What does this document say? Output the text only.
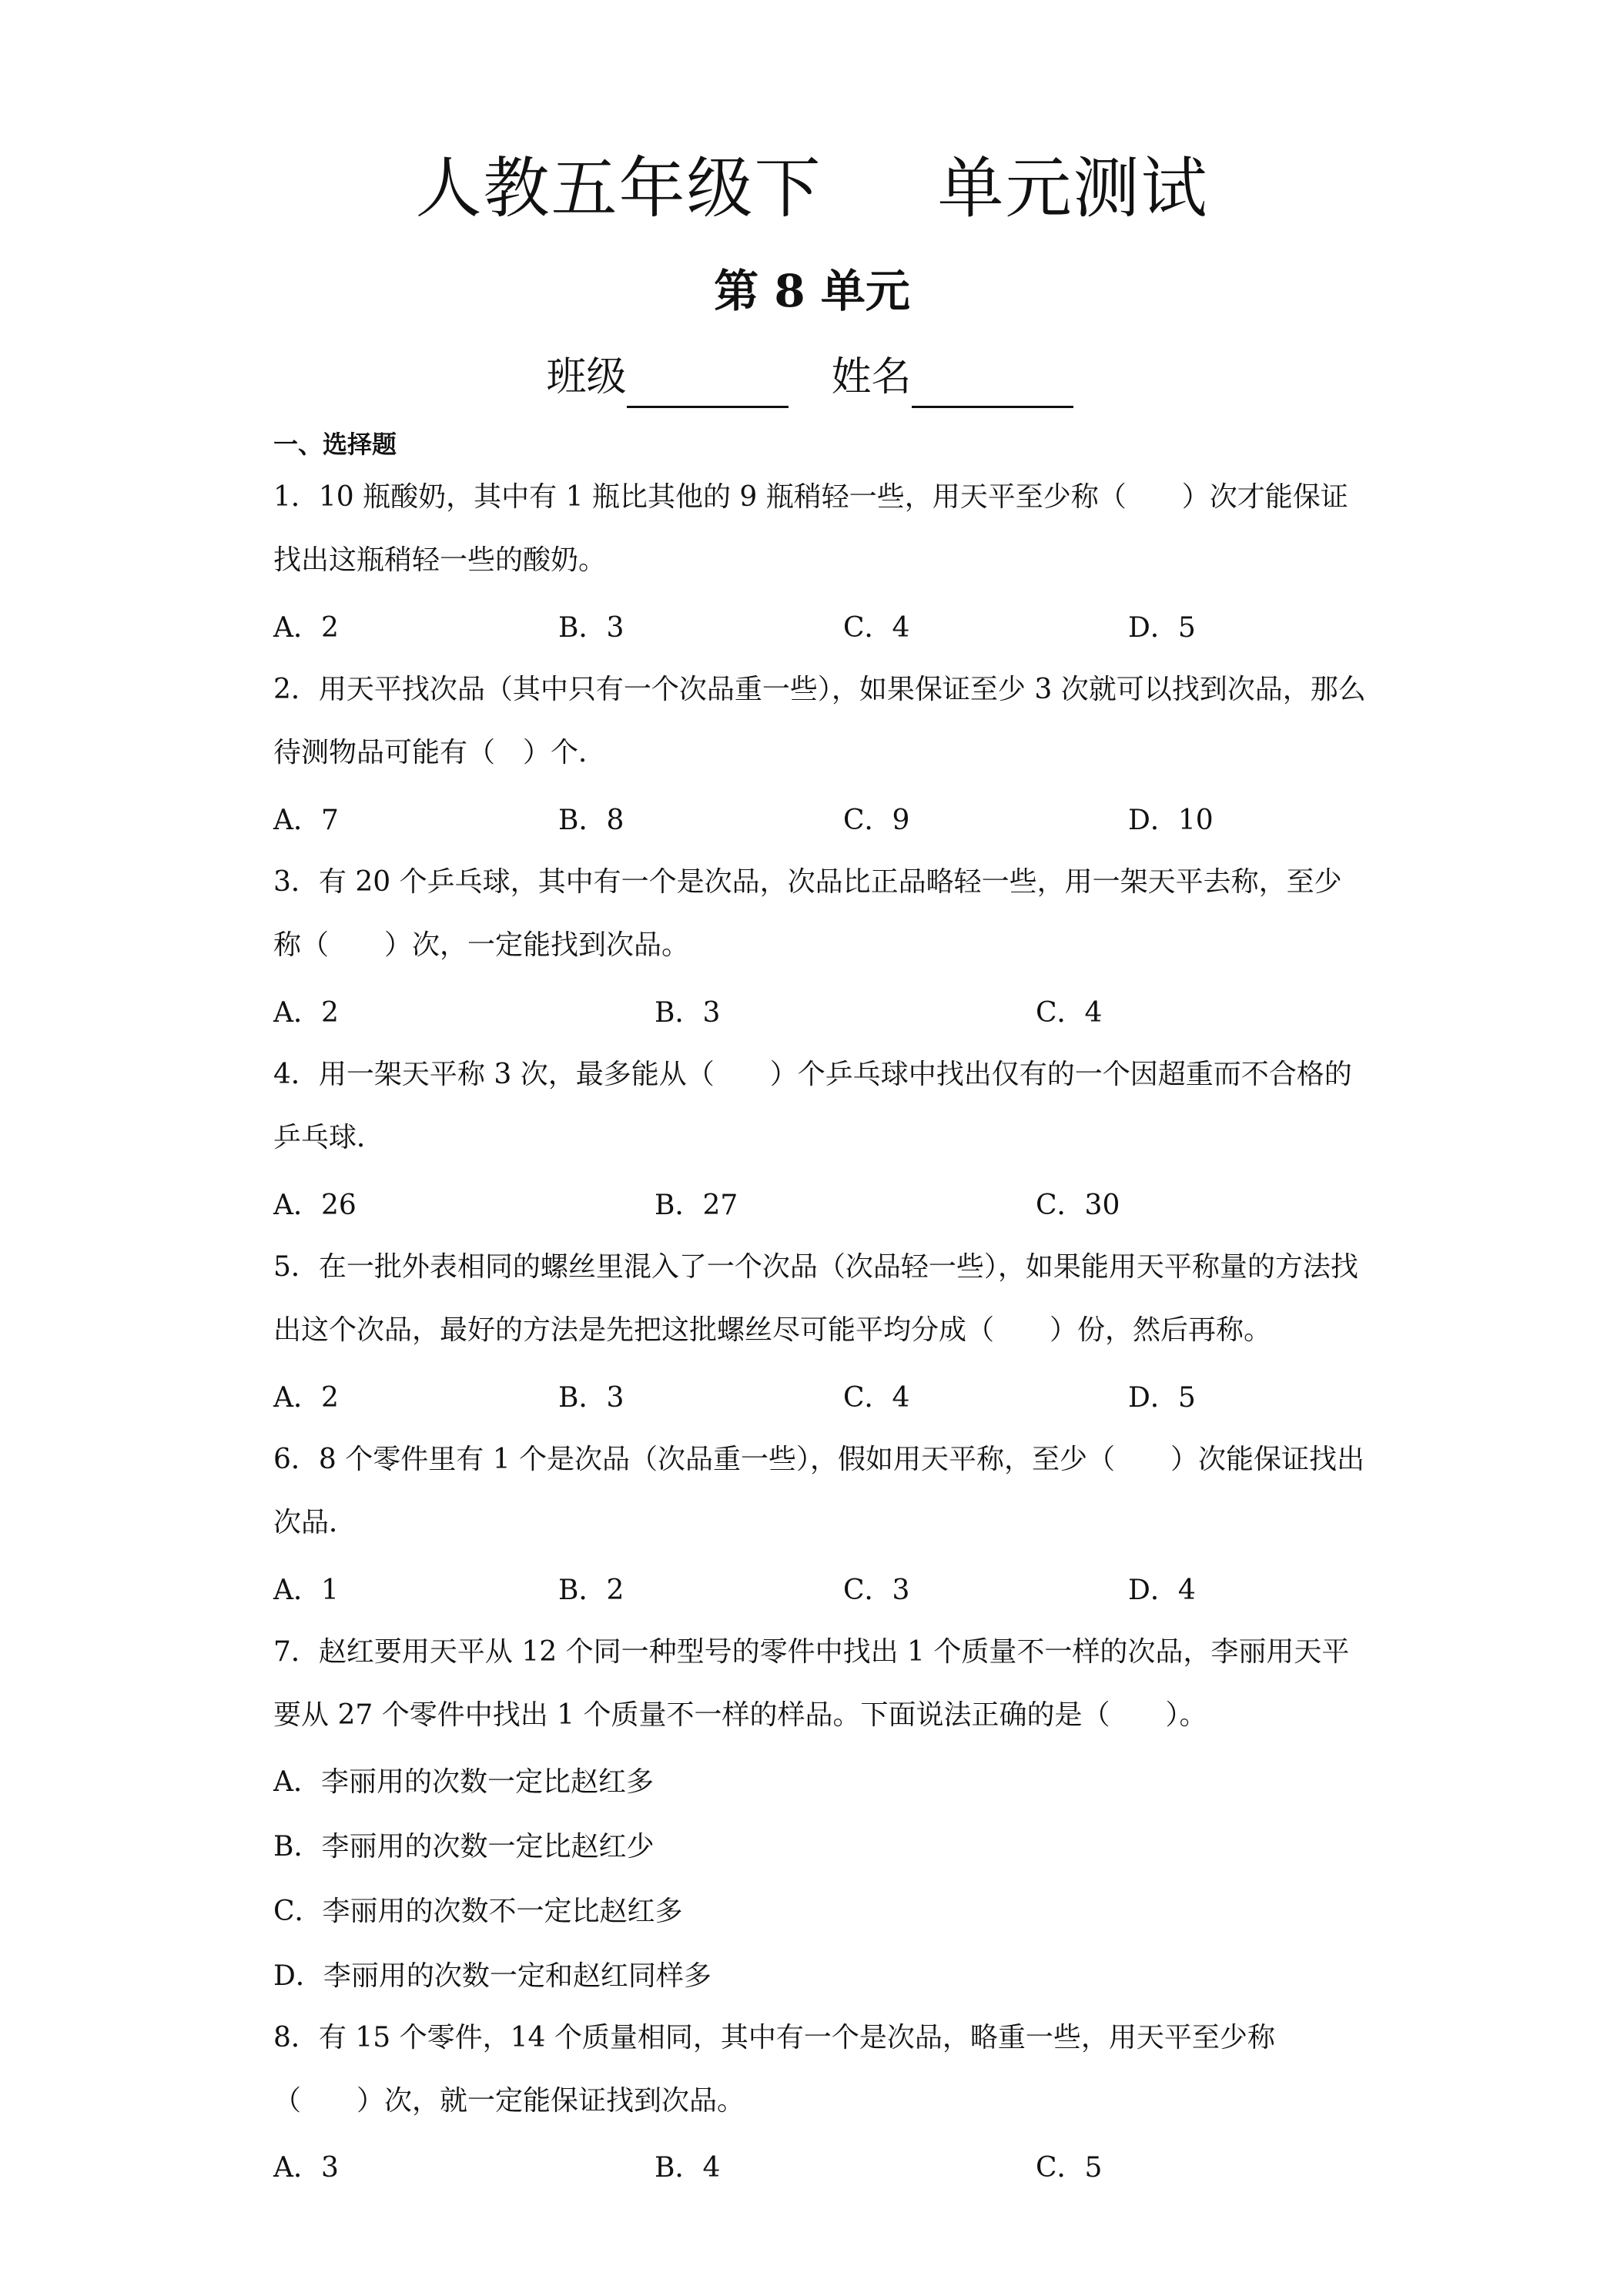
人教五年级下 单元测试
第 8 单元
班级	姓名
一、选择题
1．10 瓶酸奶，其中有 1 瓶比其他的 9 瓶稍轻一些，用天平至少称（　　）次才能保证找出这瓶稍轻一些的酸奶。
A．2	B．3	C．4	D．5
2．用天平找次品（其中只有一个次品重一些），如果保证至少 3 次就可以找到次品，那么待测物品可能有（　）个．
A．7	B．8	C．9	D．10
3．有 20 个乒乓球，其中有一个是次品，次品比正品略轻一些，用一架天平去称，至少称（　　）次，一定能找到次品。
A．2	B．3	C．4
4．用一架天平称 3 次，最多能从（　　）个乒乓球中找出仅有的一个因超重而不合格的乒乓球．
A．26	B．27	C．30
5．在一批外表相同的螺丝里混入了一个次品（次品轻一些），如果能用天平称量的方法找出这个次品，最好的方法是先把这批螺丝尽可能平均分成（　　）份，然后再称。
A．2	B．3	C．4	D．5
6．8 个零件里有 1 个是次品（次品重一些），假如用天平称，至少（　　）次能保证找出次品．
A．1	B．2	C．3	D．4
7．赵红要用天平从 12 个同一种型号的零件中找出 1 个质量不一样的次品，李丽用天平要从 27 个零件中找出 1 个质量不一样的样品。下面说法正确的是（　　）。
A．李丽用的次数一定比赵红多
B．李丽用的次数一定比赵红少
C．李丽用的次数不一定比赵红多
D．李丽用的次数一定和赵红同样多
8．有 15 个零件，14 个质量相同，其中有一个是次品，略重一些，用天平至少称（　　）次，就一定能保证找到次品。
A．3	B．4	C．5
